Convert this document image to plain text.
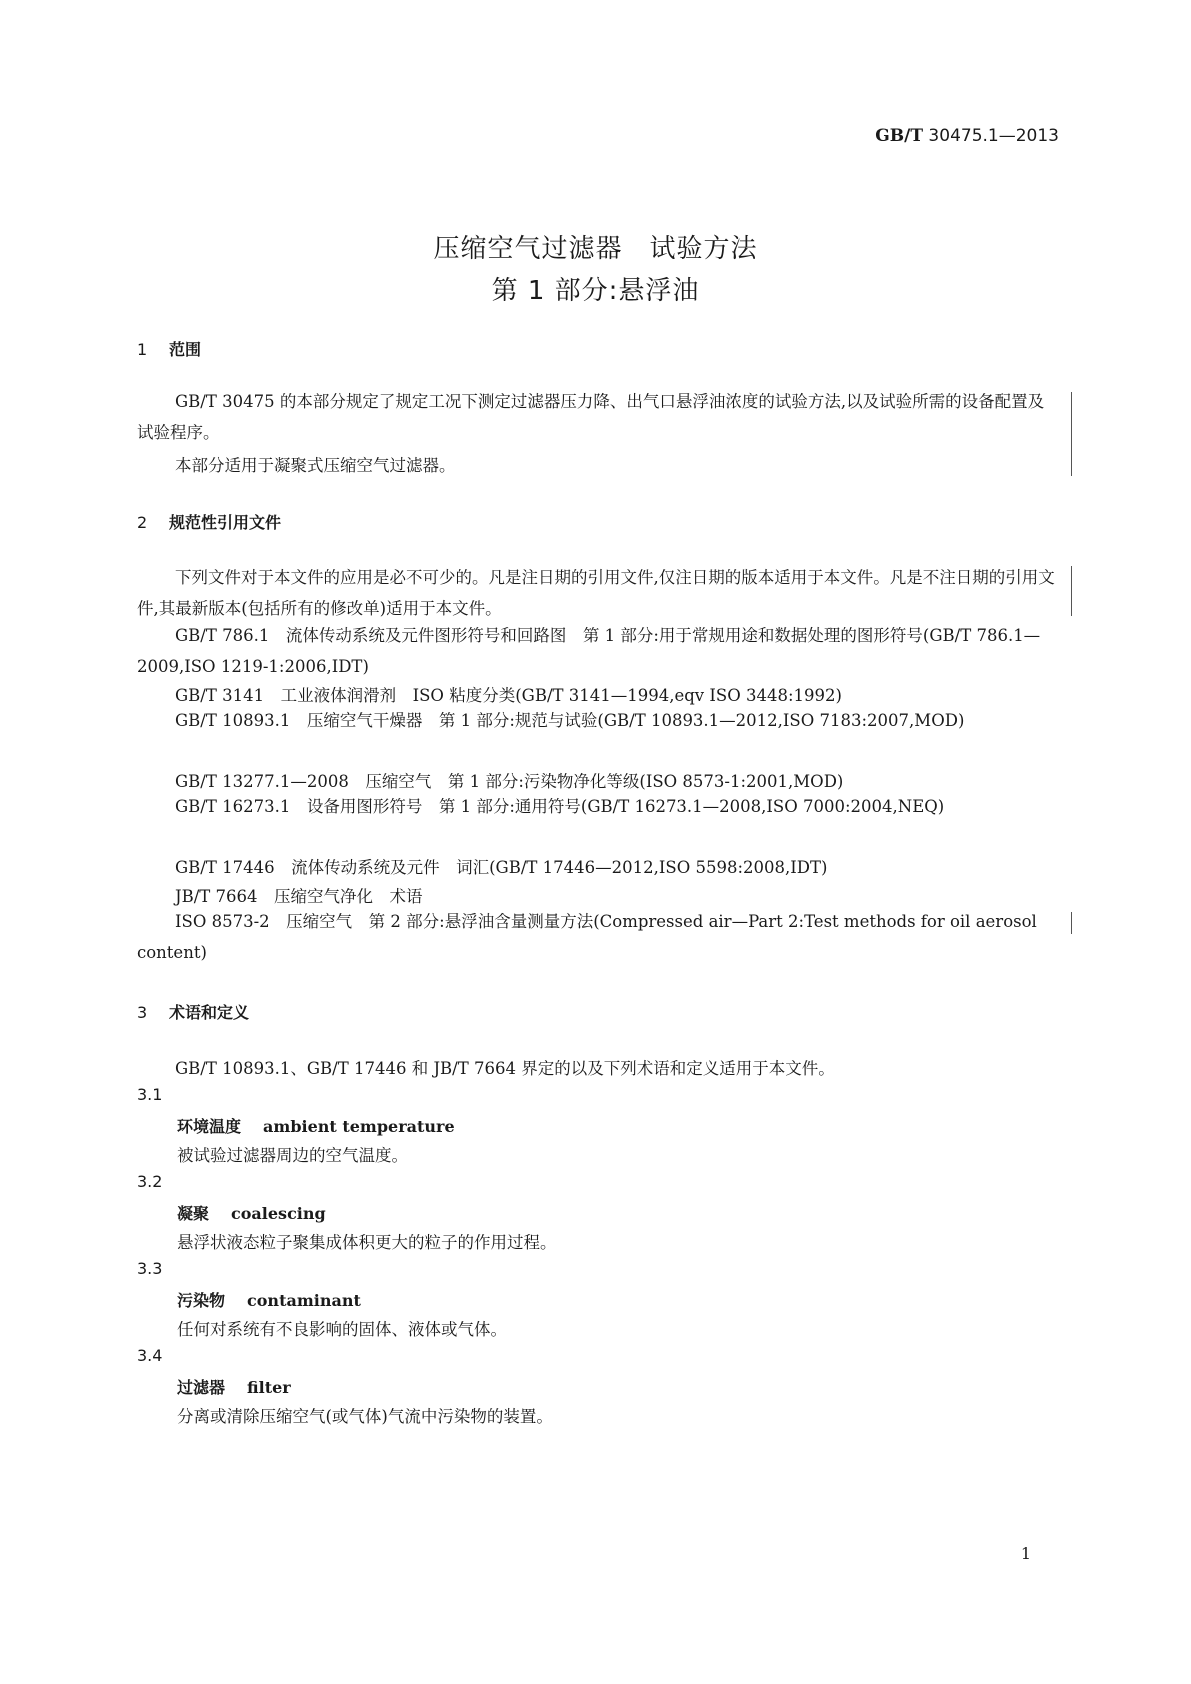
GB/T 30475.1—2013
压缩空气过滤器　试验方法
第 1 部分:悬浮油
1 范围
GB/T 30475 的本部分规定了规定工况下测定过滤器压力降、出气口悬浮油浓度的试验方法,以及试验所需的设备配置及试验程序。
本部分适用于凝聚式压缩空气过滤器。
2 规范性引用文件
下列文件对于本文件的应用是必不可少的。凡是注日期的引用文件,仅注日期的版本适用于本文件。凡是不注日期的引用文件,其最新版本(包括所有的修改单)适用于本文件。
GB/T 786.1　流体传动系统及元件图形符号和回路图　第 1 部分:用于常规用途和数据处理的图形符号(GB/T 786.1—2009,ISO 1219-1:2006,IDT)
GB/T 3141　工业液体润滑剂　ISO 粘度分类(GB/T 3141—1994,eqv ISO 3448:1992)
GB/T 10893.1　压缩空气干燥器　第 1 部分:规范与试验(GB/T 10893.1—2012,ISO 7183:2007,MOD)
GB/T 13277.1—2008　压缩空气　第 1 部分:污染物净化等级(ISO 8573-1:2001,MOD)
GB/T 16273.1　设备用图形符号　第 1 部分:通用符号(GB/T 16273.1—2008,ISO 7000:2004,NEQ)
GB/T 17446　流体传动系统及元件　词汇(GB/T 17446—2012,ISO 5598:2008,IDT)
JB/T 7664　压缩空气净化　术语
ISO 8573-2　压缩空气　第 2 部分:悬浮油含量测量方法(Compressed air—Part 2:Test methods for oil aerosol content)
3 术语和定义
GB/T 10893.1、GB/T 17446 和 JB/T 7664 界定的以及下列术语和定义适用于本文件。
3.1
环境温度 ambient temperature
被试验过滤器周边的空气温度。
3.2
凝聚 coalescing
悬浮状液态粒子聚集成体积更大的粒子的作用过程。
3.3
污染物 contaminant
任何对系统有不良影响的固体、液体或气体。
3.4
过滤器 filter
分离或清除压缩空气(或气体)气流中污染物的装置。
1
